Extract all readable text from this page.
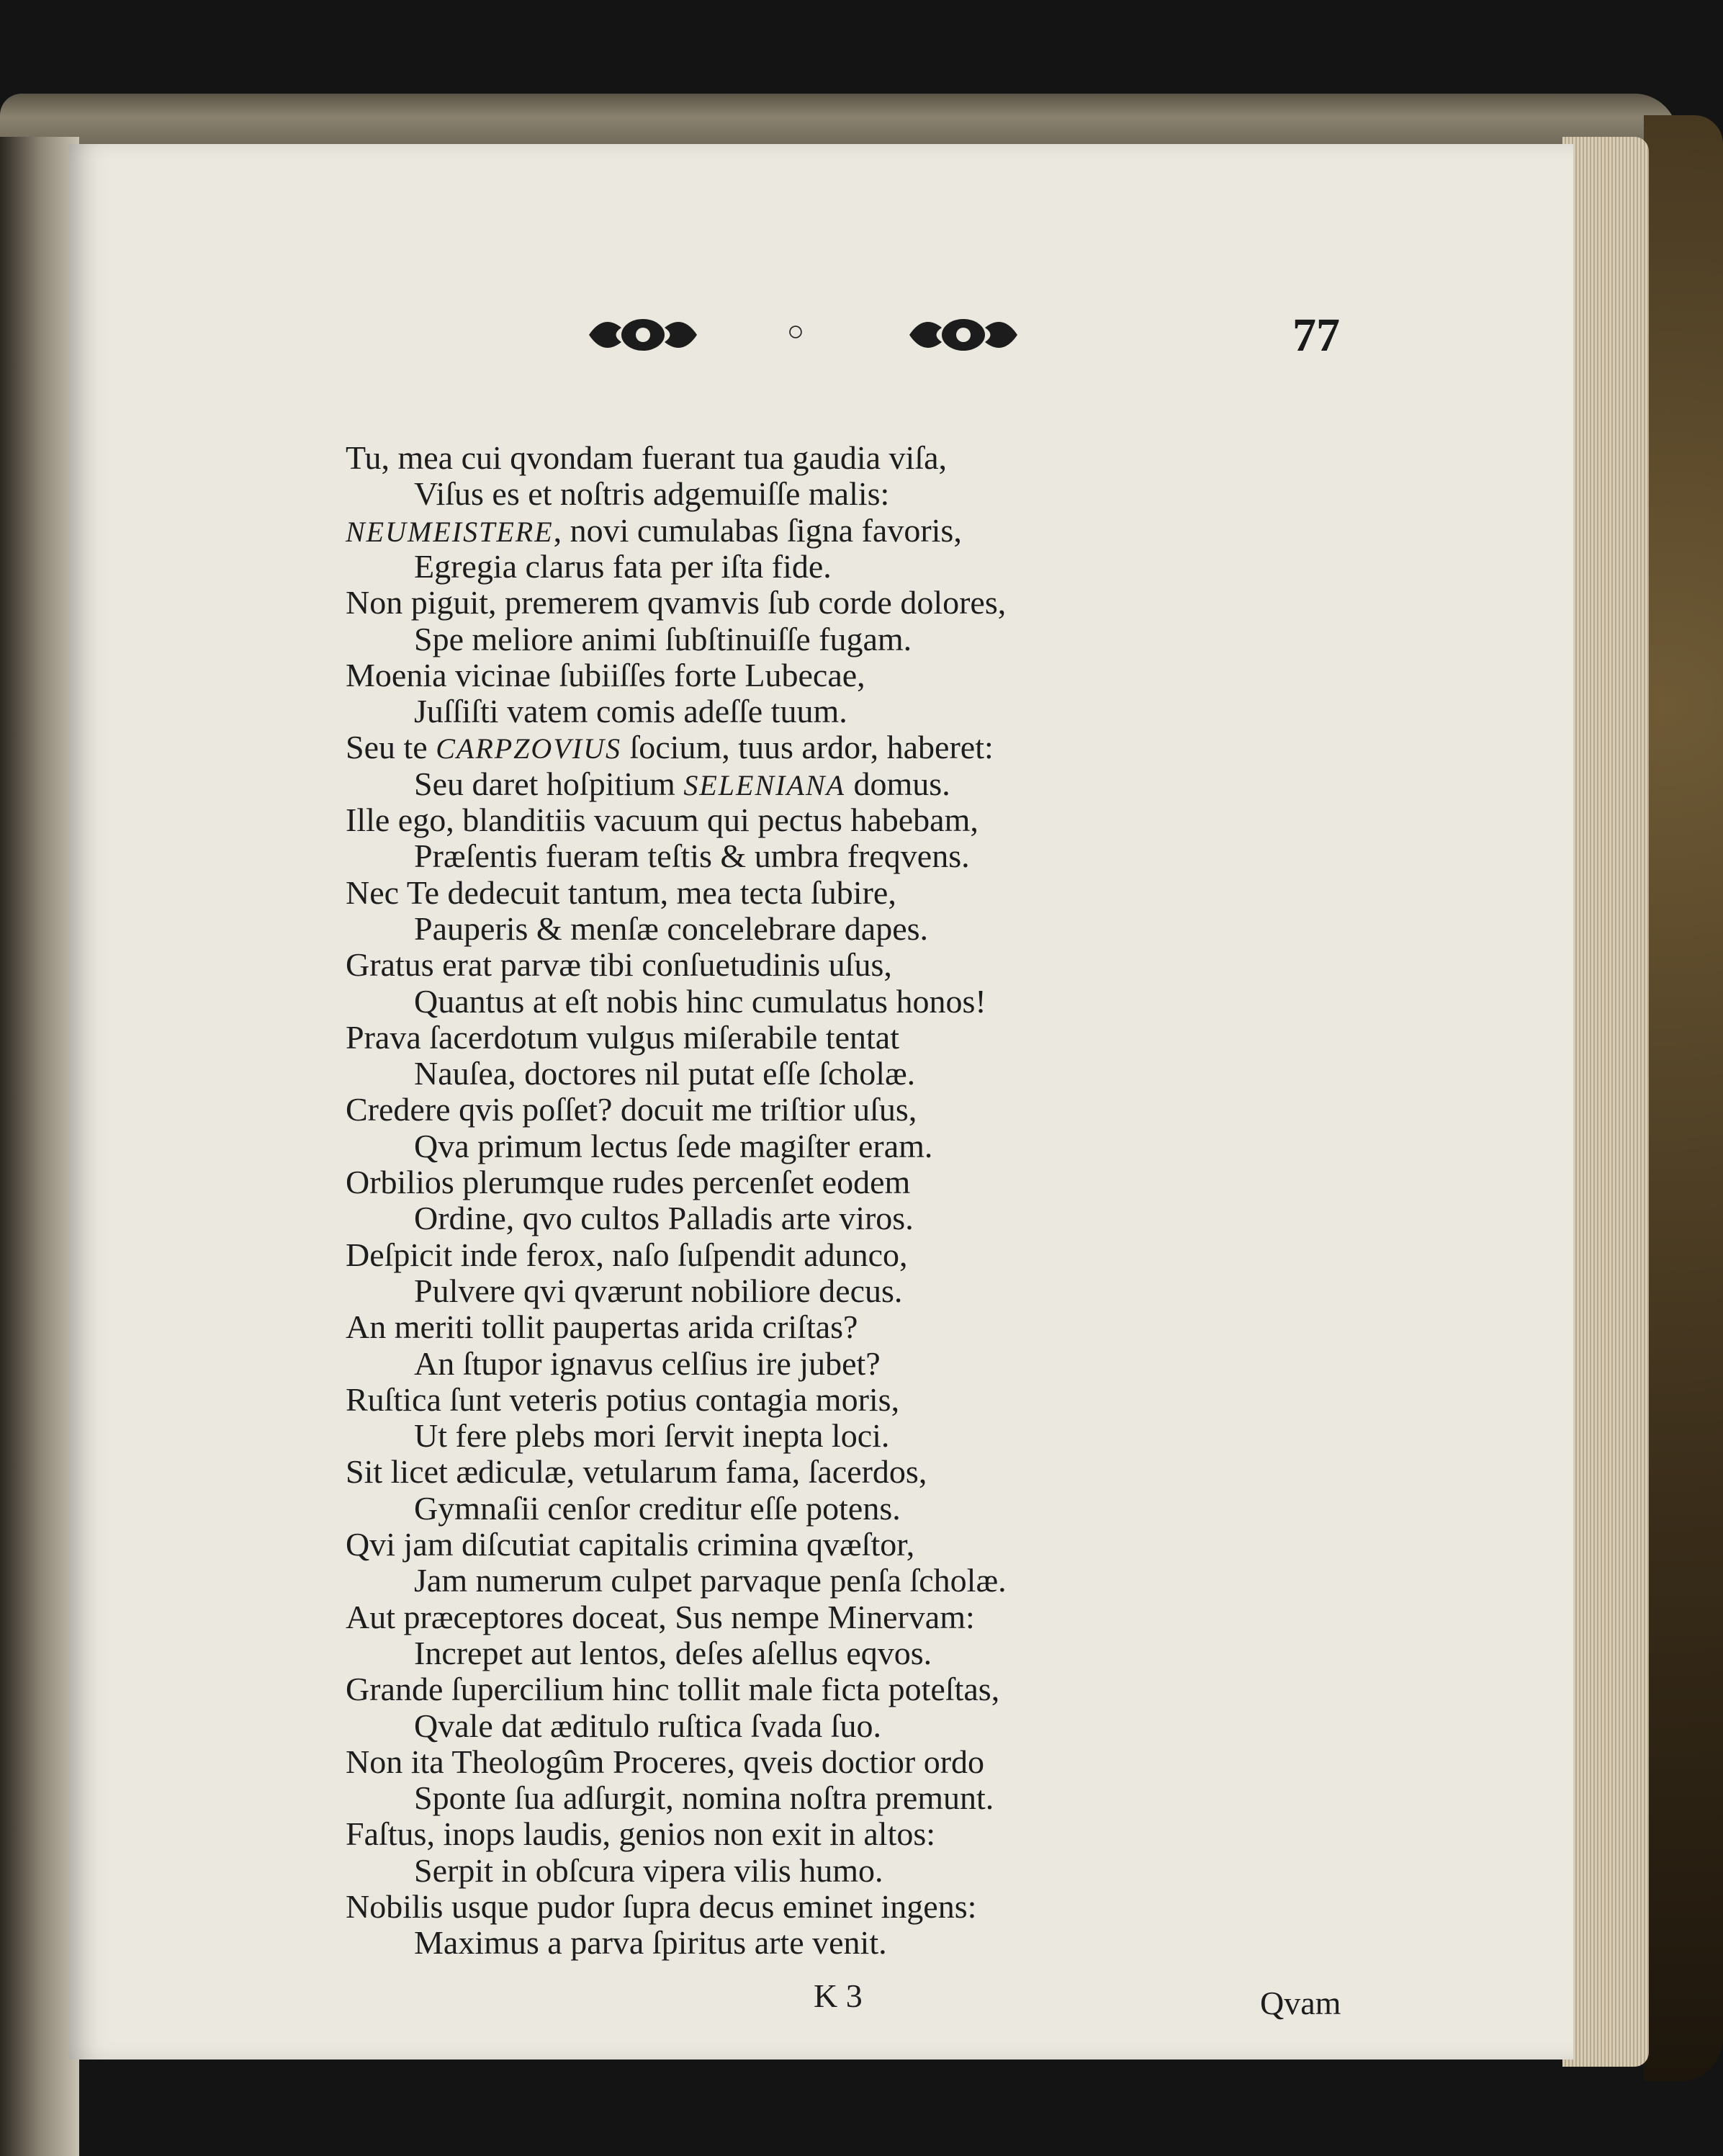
○	77
Tu, mea cui qvondam fuerant tua gaudia viſa,
Viſus es et noſtris adgemuiſſe malis:
NEUMEISTERE, novi cumulabas ſigna favoris,
Egregia clarus fata per iſta fide.
Non piguit, premerem qvamvis ſub corde dolores,
Spe meliore animi ſubſtinuiſſe fugam.
Moenia vicinae ſubiiſſes forte Lubecae,
Juſſiſti vatem comis adeſſe tuum.
Seu te CARPZOVIUS ſocium, tuus ardor, haberet:
Seu daret hoſpitium SELENIANA domus.
Ille ego, blanditiis vacuum qui pectus habebam,
Præſentis fueram teſtis & umbra freqvens.
Nec Te dedecuit tantum, mea tecta ſubire,
Pauperis & menſæ concelebrare dapes.
Gratus erat parvæ tibi conſuetudinis uſus,
Quantus at eſt nobis hinc cumulatus honos!
Prava ſacerdotum vulgus miſerabile tentat
Nauſea, doctores nil putat eſſe ſcholæ.
Credere qvis poſſet? docuit me triſtior uſus,
Qva primum lectus ſede magiſter eram.
Orbilios plerumque rudes percenſet eodem
Ordine, qvo cultos Palladis arte viros.
Deſpicit inde ferox, naſo ſuſpendit adunco,
Pulvere qvi qværunt nobiliore decus.
An meriti tollit paupertas arida criſtas?
An ſtupor ignavus celſius ire jubet?
Ruſtica ſunt veteris potius contagia moris,
Ut fere plebs mori ſervit inepta loci.
Sit licet ædiculæ, vetularum fama, ſacerdos,
Gymnaſii cenſor creditur eſſe potens.
Qvi jam diſcutiat capitalis crimina qvæſtor,
Jam numerum culpet parvaque penſa ſcholæ.
Aut præceptores doceat, Sus nempe Minervam:
Increpet aut lentos, deſes aſellus eqvos.
Grande ſupercilium hinc tollit male ficta poteſtas,
Qvale dat æditulo ruſtica ſvada ſuo.
Non ita Theologûm Proceres, qveis doctior ordo
Sponte ſua adſurgit, nomina noſtra premunt.
Faſtus, inops laudis, genios non exit in altos:
Serpit in obſcura vipera vilis humo.
Nobilis usque pudor ſupra decus eminet ingens:
Maximus a parva ſpiritus arte venit.
K 3	Qvam
